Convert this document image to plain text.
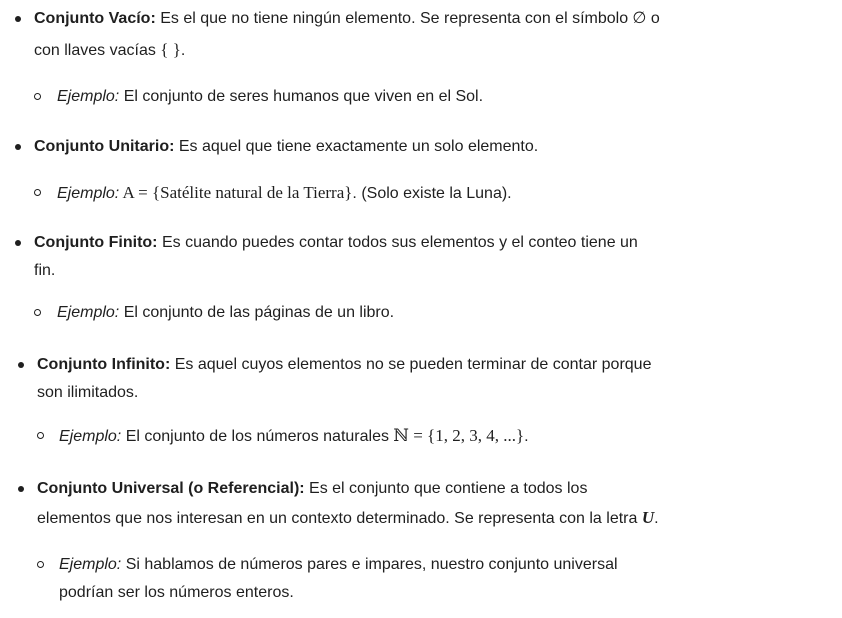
Conjunto Vacío: Es el que no tiene ningún elemento. Se representa con el símbolo ∅ o
con llaves vacías { }.
Ejemplo: El conjunto de seres humanos que viven en el Sol.
Conjunto Unitario: Es aquel que tiene exactamente un solo elemento.
Ejemplo: A = {Satélite natural de la Tierra}. (Solo existe la Luna).
Conjunto Finito: Es cuando puedes contar todos sus elementos y el conteo tiene un
fin.
Ejemplo: El conjunto de las páginas de un libro.
Conjunto Infinito: Es aquel cuyos elementos no se pueden terminar de contar porque
son ilimitados.
Ejemplo: El conjunto de los números naturales ℕ = {1, 2, 3, 4, ...}.
Conjunto Universal (o Referencial): Es el conjunto que contiene a todos los
elementos que nos interesan en un contexto determinado. Se representa con la letra U.
Ejemplo: Si hablamos de números pares e impares, nuestro conjunto universal
podrían ser los números enteros.
